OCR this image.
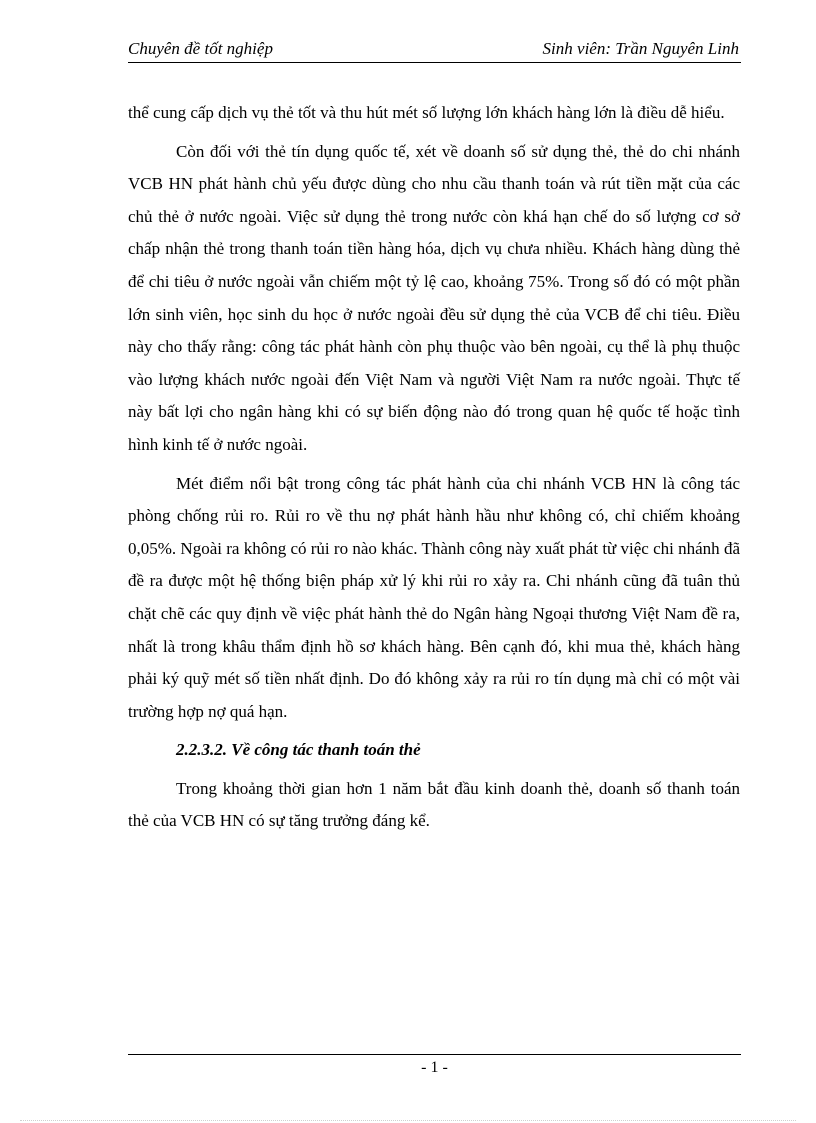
Chuyên đề tốt nghiệp	Sinh viên: Trần Nguyên Linh

thể cung cấp dịch vụ thẻ tốt và thu hút mét số lượng lớn khách hàng lớn là điều dễ hiểu.

Còn đối với thẻ tín dụng quốc tế, xét về doanh số sử dụng thẻ, thẻ do chi nhánh VCB HN phát hành chủ yếu được dùng cho nhu cầu thanh toán và rút tiền mặt của các chủ thẻ ở nước ngoài. Việc sử dụng thẻ trong nước còn khá hạn chế do số lượng cơ sở chấp nhận thẻ trong thanh toán tiền hàng hóa, dịch vụ chưa nhiều. Khách hàng dùng thẻ để chi tiêu ở nước ngoài vẫn chiếm một tỷ lệ cao, khoảng 75%. Trong số đó có một phần lớn sinh viên, học sinh du học ở nước ngoài đều sử dụng thẻ của VCB để chi tiêu. Điều này cho thấy rằng: công tác phát hành còn phụ thuộc vào bên ngoài, cụ thể là phụ thuộc vào lượng khách nước ngoài đến Việt Nam và người Việt Nam ra nước ngoài. Thực tế này bất lợi cho ngân hàng khi có sự biến động nào đó trong quan hệ quốc tế hoặc tình hình kinh tế ở nước ngoài.

Mét điểm nổi bật trong công tác phát hành của chi nhánh VCB HN là công tác phòng chống rủi ro. Rủi ro về thu nợ phát hành hầu như không có, chỉ chiếm khoảng 0,05%. Ngoài ra không có rủi ro nào khác. Thành công này xuất phát từ việc chi nhánh đã đề ra được một hệ thống biện pháp xử lý khi rủi ro xảy ra. Chi nhánh cũng đã tuân thủ chặt chẽ các quy định về việc phát hành thẻ do Ngân hàng Ngoại thương Việt Nam đề ra, nhất là trong khâu thẩm định hồ sơ khách hàng. Bên cạnh đó, khi mua thẻ, khách hàng phải ký quỹ mét số tiền nhất định. Do đó không xảy ra rủi ro tín dụng mà chỉ có một vài trường hợp nợ quá hạn.

2.2.3.2. Về công tác thanh toán thẻ

Trong khoảng thời gian hơn 1 năm bắt đầu kinh doanh thẻ, doanh số thanh toán thẻ của VCB HN có sự tăng trưởng đáng kể.

- 1 -
